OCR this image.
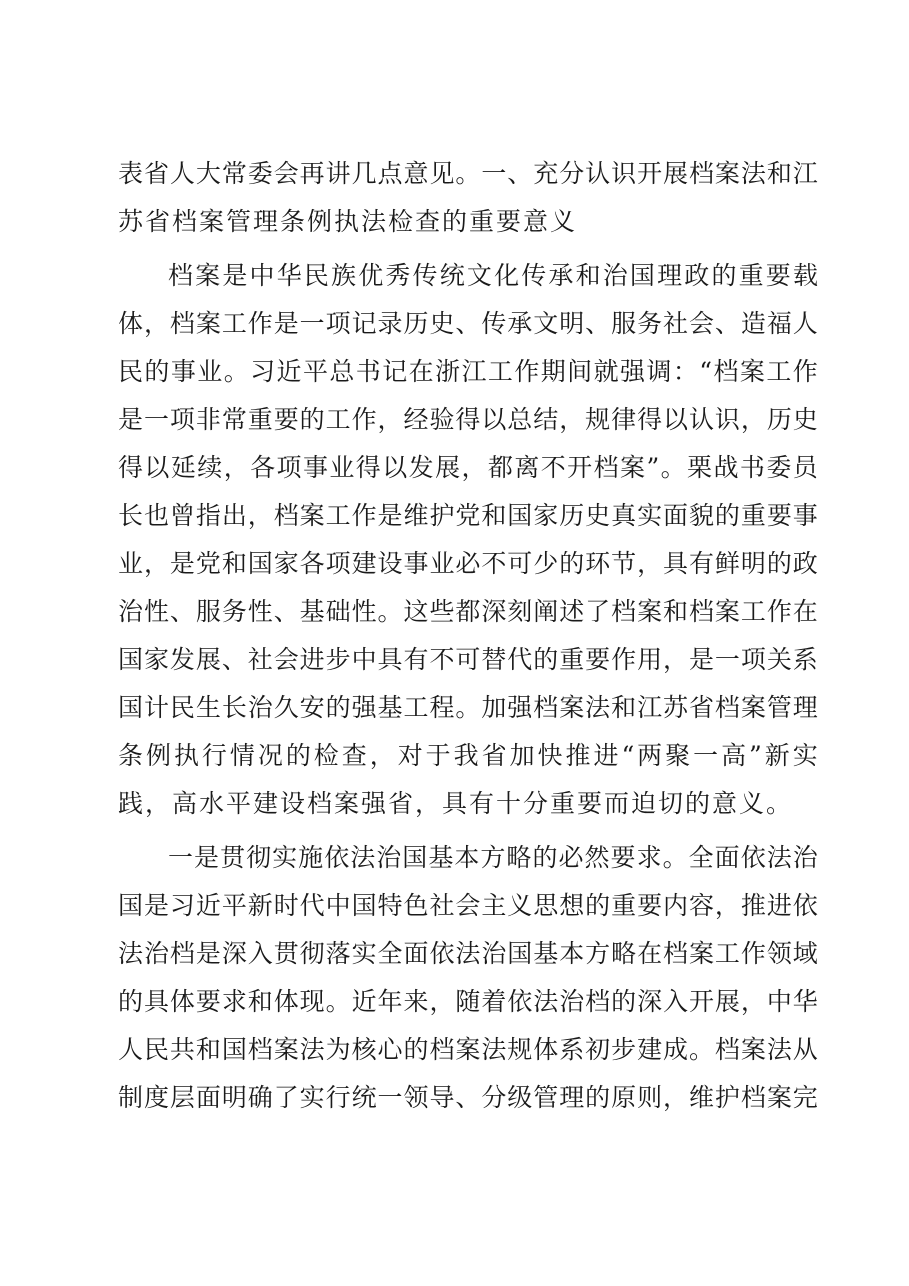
表 省 人 大 常 委 会 再 讲 几 点 意 见 。 一 、 充 分 认 识 开 展 档 案 法 和 江
苏省档案管理条例执法检查的重要意义
档 案 是 中 华 民 族 优 秀 传 统 文 化 传 承 和 治 国 理 政 的 重 要 载
体 ， 档 案 工 作 是 一 项 记 录 历 史 、 传 承 文 明 、 服 务 社 会 、 造 福 人
民 的 事 业 。 习 近 平 总 书 记 在 浙 江 工 作 期 间 就 强 调 ： “ 档 案 工 作
是 一 项 非 常 重 要 的 工 作 ， 经 验 得 以 总 结 ， 规 律 得 以 认 识 ， 历 史
得 以 延 续 ， 各 项 事 业 得 以 发 展 ， 都 离 不 开 档 案 ” 。 栗 战 书 委 员
长 也 曾 指 出 ， 档 案 工 作 是 维 护 党 和 国 家 历 史 真 实 面 貌 的 重 要 事
业 ， 是 党 和 国 家 各 项 建 设 事 业 必 不 可 少 的 环 节 ， 具 有 鲜 明 的 政
治 性 、 服 务 性 、 基 础 性 。 这 些 都 深 刻 阐 述 了 档 案 和 档 案 工 作 在
国 家 发 展 、 社 会 进 步 中 具 有 不 可 替 代 的 重 要 作 用 ， 是 一 项 关 系
国 计 民 生 长 治 久 安 的 强 基 工 程 。 加 强 档 案 法 和 江 苏 省 档 案 管 理
条 例 执 行 情 况 的 检 查 ， 对 于 我 省 加 快 推 进 “ 两 聚 一 高 ” 新 实
践，高水平建设档案强省，具有十分重要而迫切的意义。
一 是 贯 彻 实 施 依 法 治 国 基 本 方 略 的 必 然 要 求 。 全 面 依 法 治
国 是 习 近 平 新 时 代 中 国 特 色 社 会 主 义 思 想 的 重 要 内 容 ， 推 进 依
法 治 档 是 深 入 贯 彻 落 实 全 面 依 法 治 国 基 本 方 略 在 档 案 工 作 领 域
的 具 体 要 求 和 体 现 。 近 年 来 ， 随 着 依 法 治 档 的 深 入 开 展 ， 中 华
人 民 共 和 国 档 案 法 为 核 心 的 档 案 法 规 体 系 初 步 建 成 。 档 案 法 从
制 度 层 面 明 确 了 实 行 统 一 领 导 、 分 级 管 理 的 原 则 ， 维 护 档 案 完
